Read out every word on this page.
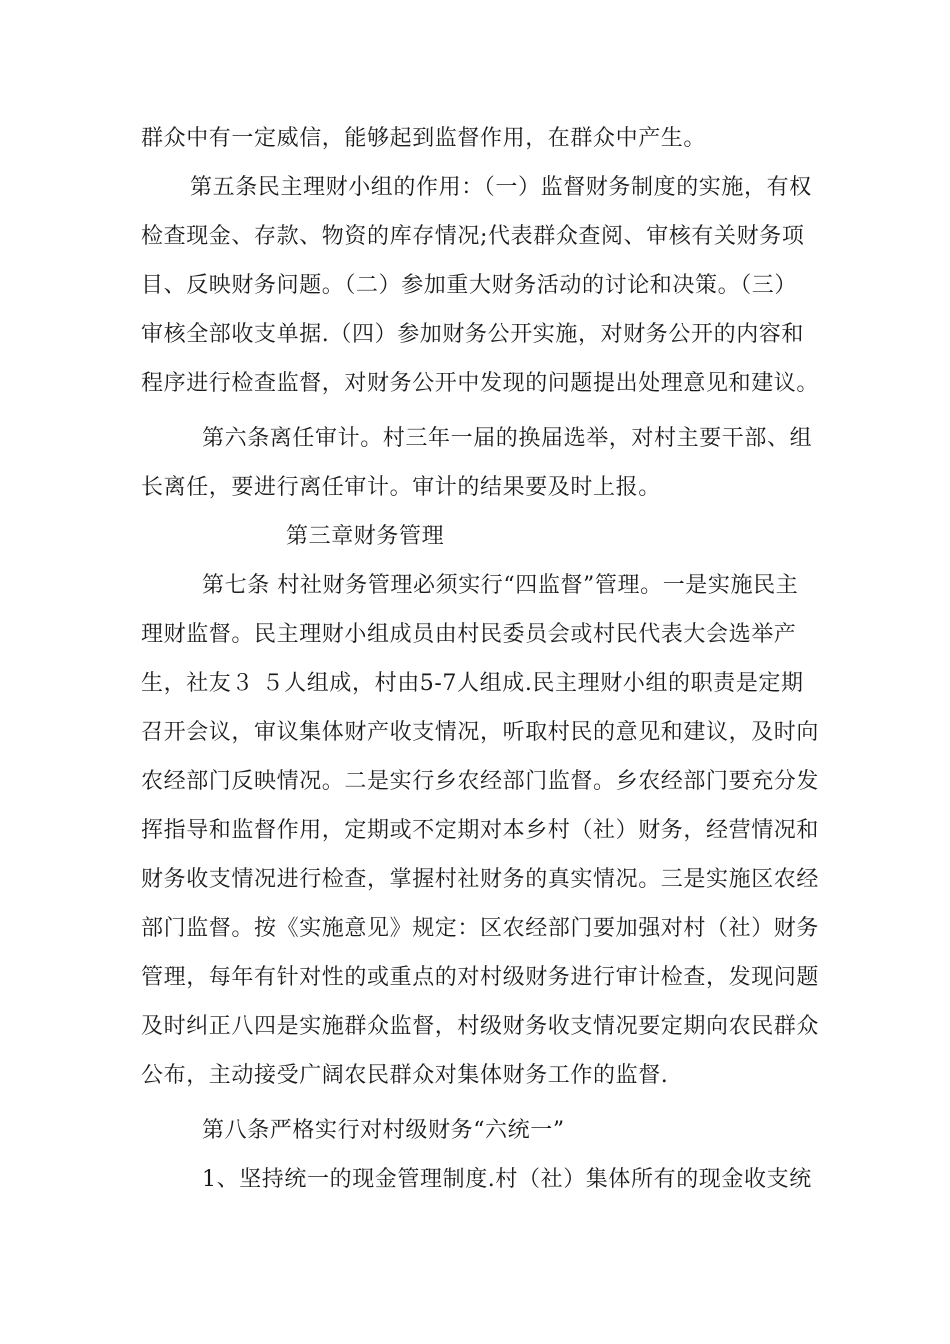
群众中有一定威信，能够起到监督作用，在群众中产生。
第五条民主理财小组的作用：（一）监督财务制度的实施，有权
检查现金、存款、物资的库存情况;代表群众查阅、审核有关财务项
目、反映财务问题。（二）参加重大财务活动的讨论和决策。（三）
审核全部收支单据.（四）参加财务公开实施，对财务公开的内容和
程序进行检查监督，对财务公开中发现的问题提出处理意见和建议。
第六条离任审计。村三年一届的换届选举，对村主要干部、组
长离任，要进行离任审计。审计的结果要及时上报。
第三章财务管理
第七条 村社财务管理必须实行“四监督”管理。一是实施民主
理财监督。民主理财小组成员由村民委员会或村民代表大会选举产
生，社友３ ５人组成，村由5-7人组成.民主理财小组的职责是定期
召开会议，审议集体财产收支情况，听取村民的意见和建议，及时向
农经部门反映情况。二是实行乡农经部门监督。乡农经部门要充分发
挥指导和监督作用，定期或不定期对本乡村（社）财务，经营情况和
财务收支情况进行检查，掌握村社财务的真实情况。三是实施区农经
部门监督。按《实施意见》规定：区农经部门要加强对村（社）财务
管理，每年有针对性的或重点的对村级财务进行审计检查，发现问题
及时纠正八四是实施群众监督，村级财务收支情况要定期向农民群众
公布，主动接受广阔农民群众对集体财务工作的监督.
第八条严格实行对村级财务“六统一”
1、坚持统一的现金管理制度.村（社）集体所有的现金收支统
